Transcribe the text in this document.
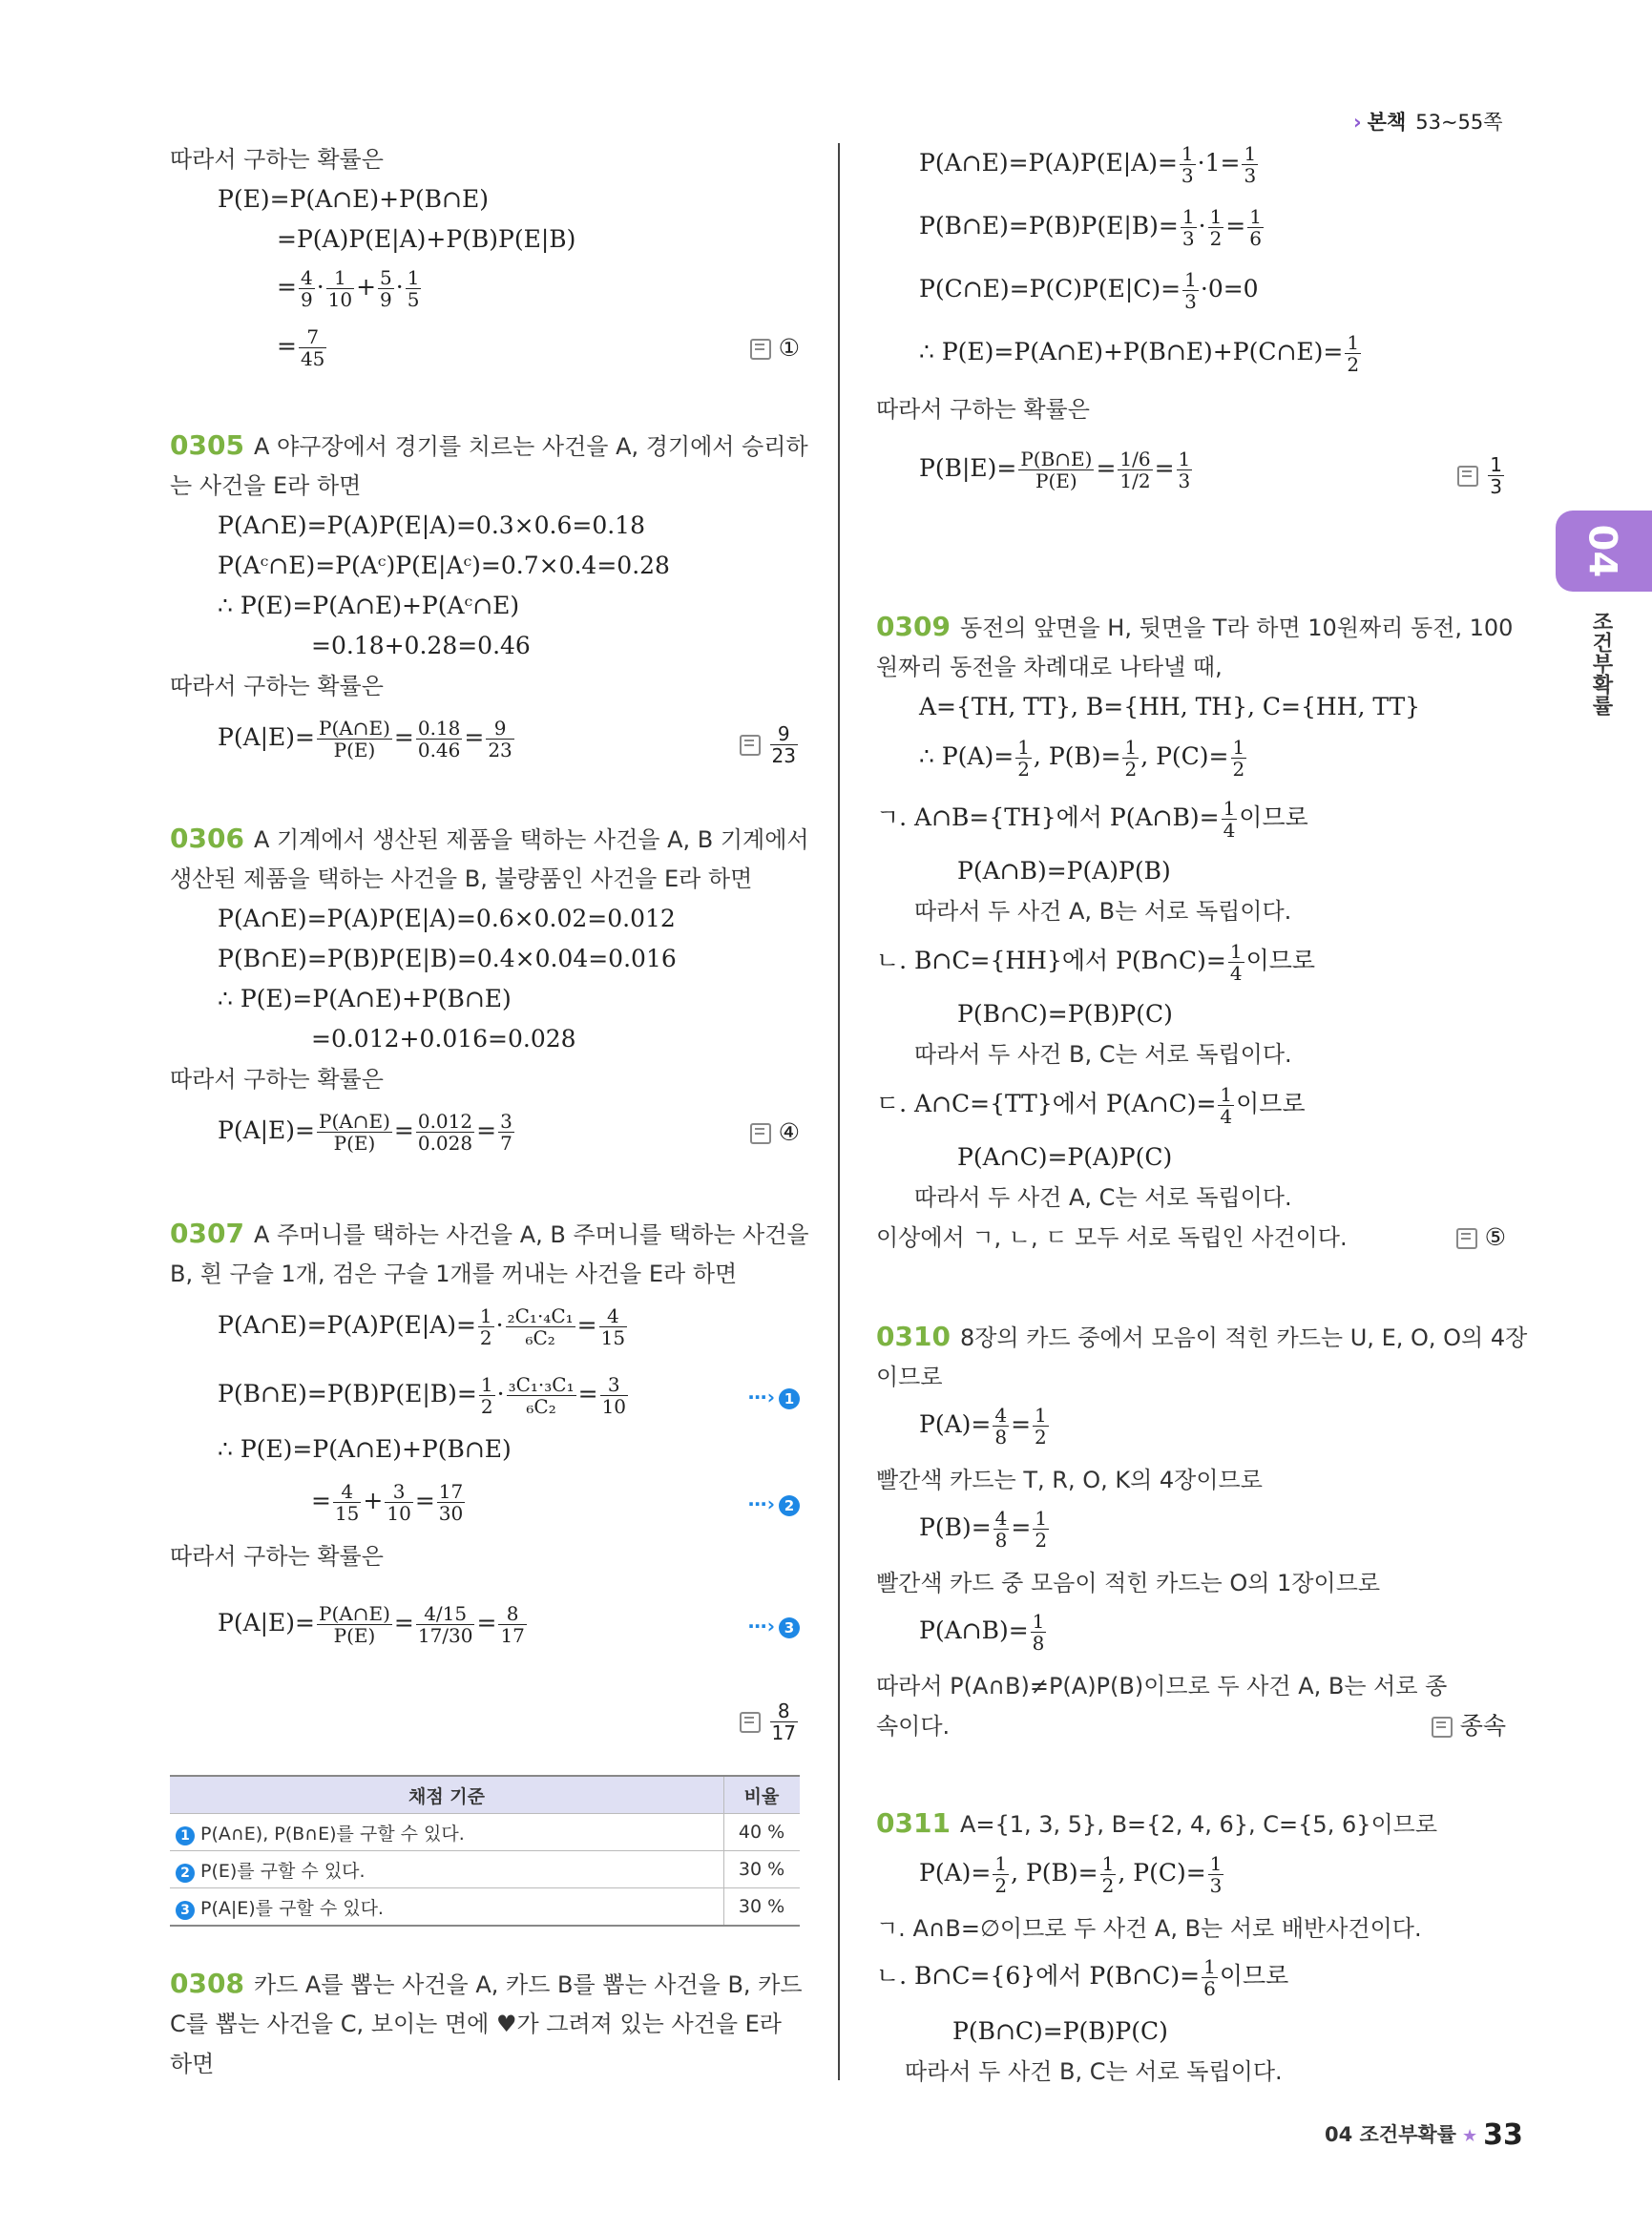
› 본책 53~55쪽
04
조건부확률
채점 기준	비율
1 P(A∩E), P(B∩E)를 구할 수 있다.	40 %
2 P(E)를 구할 수 있다.	30 %
3 P(A|E)를 구할 수 있다.	30 %
따라서 구하는 확률은
P(E)=P(A∩E)+P(B∩E)
=P(A)P(E|A)+P(B)P(E|B)
= $\frac{4}{9} \cdot \frac{1}{10} + \frac{5}{9} \cdot \frac{1}{5}$
= $\frac{7}{45}$	①
0305 A 야구장에서 경기를 치르는 사건을 A, 경기에서 승리하
는 사건을 E라 하면
P(A∩E)=P(A)P(E|A)=0.3×0.6=0.18
P(Aᶜ∩E)=P(Aᶜ)P(E|Aᶜ)=0.7×0.4=0.28
∴ P(E)=P(A∩E)+P(Aᶜ∩E)
=0.18+0.28=0.46
따라서 구하는 확률은
$P(A|E)= \frac{P(A\cap E)}{P(E)} = \frac{0.18}{0.46} = \frac{9}{23}$	$\frac{9}{23}$
0306 A 기계에서 생산된 제품을 택하는 사건을 A, B 기계에서
생산된 제품을 택하는 사건을 B, 불량품인 사건을 E라 하면
P(A∩E)=P(A)P(E|A)=0.6×0.02=0.012
P(B∩E)=P(B)P(E|B)=0.4×0.04=0.016
∴ P(E)=P(A∩E)+P(B∩E)
=0.012+0.016=0.028
따라서 구하는 확률은
$P(A|E)= \frac{P(A\cap E)}{P(E)} = \frac{0.012}{0.028} = \frac{3}{7}$	④
0307 A 주머니를 택하는 사건을 A, B 주머니를 택하는 사건을
B, 흰 구슬 1개, 검은 구슬 1개를 꺼내는 사건을 E라 하면
P(A∩E)=P(A)P(E|A)= $\frac{1}{2} \cdot \frac{\text{₂C₁·₄C₁}}{\text{₆C₂}} = \frac{4}{15}$
P(B∩E)=P(B)P(E|B)= $\frac{1}{2} \cdot \frac{\text{₃C₁·₃C₁}}{\text{₆C₂}} = \frac{3}{10}$	⋯› 1
∴ P(E)=P(A∩E)+P(B∩E)
= $\frac{4}{15} + \frac{3}{10} = \frac{17}{30}$	⋯› 2
따라서 구하는 확률은
$P(A|E)= \frac{P(A\cap E)}{P(E)} = \frac{4/15}{17/30} = \frac{8}{17}$	⋯› 3
$\frac{8}{17}$
0308 카드 A를 뽑는 사건을 A, 카드 B를 뽑는 사건을 B, 카드
C를 뽑는 사건을 C, 보이는 면에 ♥가 그려져 있는 사건을 E라
하면
P(A∩E)=P(A)P(E|A)= $\frac{1}{3} \cdot 1= \frac{1}{3}$
P(B∩E)=P(B)P(E|B)= $\frac{1}{3} \cdot \frac{1}{2} = \frac{1}{6}$
P(C∩E)=P(C)P(E|C)= $\frac{1}{3} \cdot 0=0$
∴ P(E)=P(A∩E)+P(B∩E)+P(C∩E)= $\frac{1}{2}$
따라서 구하는 확률은
$P(B|E)= \frac{P(B\cap E)}{P(E)} = \frac{1/6}{1/2} = \frac{1}{3}$	$\frac{1}{3}$
0309 동전의 앞면을 H, 뒷면을 T라 하면 10원짜리 동전, 100
원짜리 동전을 차례대로 나타낼 때,
A={TH, TT}, B={HH, TH}, C={HH, TT}
∴ $P(A)= \frac{1}{2}$ , $P(B)= \frac{1}{2}$ , $P(C)= \frac{1}{2}$
ㄱ. A∩B={TH}에서 P(A∩B)= $\frac{1}{4}$ 이므로
P(A∩B)=P(A)P(B)
따라서 두 사건 A, B는 서로 독립이다.
ㄴ. B∩C={HH}에서 P(B∩C)= $\frac{1}{4}$ 이므로
P(B∩C)=P(B)P(C)
따라서 두 사건 B, C는 서로 독립이다.
ㄷ. A∩C={TT}에서 P(A∩C)= $\frac{1}{4}$ 이므로
P(A∩C)=P(A)P(C)
따라서 두 사건 A, C는 서로 독립이다.
이상에서 ㄱ, ㄴ, ㄷ 모두 서로 독립인 사건이다.	⑤
0310 8장의 카드 중에서 모음이 적힌 카드는 U, E, O, O의 4장
이므로
$P(A)= \frac{4}{8} = \frac{1}{2}$
빨간색 카드는 T, R, O, K의 4장이므로
$P(B)= \frac{4}{8} = \frac{1}{2}$
빨간색 카드 중 모음이 적힌 카드는 O의 1장이므로
P(A∩B)= $\frac{1}{8}$
따라서 P(A∩B)≠P(A)P(B)이므로 두 사건 A, B는 서로 종
속이다.	종속
0311 A={1, 3, 5}, B={2, 4, 6}, C={5, 6}이므로
$P(A)= \frac{1}{2}$ , $P(B)= \frac{1}{2}$ , $P(C)= \frac{1}{3}$
ㄱ. A∩B=∅이므로 두 사건 A, B는 서로 배반사건이다.
ㄴ. B∩C={6}에서 P(B∩C)= $\frac{1}{6}$ 이므로
P(B∩C)=P(B)P(C)
따라서 두 사건 B, C는 서로 독립이다.
04 조건부확률 ★ 33
